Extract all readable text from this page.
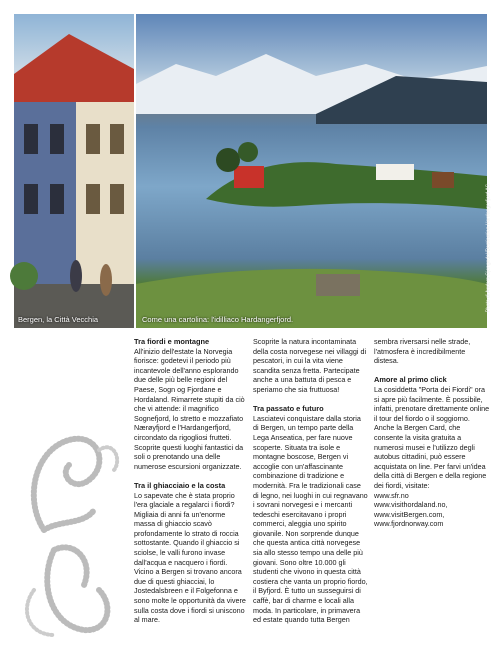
Bergen, la Città Vecchia	Come una cartolina: l'idilliaco Hardangerfjord.
Photo di Anders Gjengedal/Destination Hardangerfjord AS
Tra fiordi e montagne

All'inizio dell'estate la Norvegia fiorisce: godetevi il periodo più incantevole dell'anno esplorando due delle più belle regioni del Paese, Sogn og Fjordane e Hordaland. Rimarrete stupiti da ciò che vi attende: il magnifico Sognefjord, lo stretto e mozzafiato Nærøyfjord e l'Hardangerfjord, circondato da rigogliosi frutteti. Scoprite questi luoghi fantastici da soli o prenotando una delle numerose escursioni organizzate.

Tra il ghiacciaio e la costa

Lo sapevate che è stata proprio l'era glaciale a regalarci i fiordi? Migliaia di anni fa un'enorme massa di ghiaccio scavò profondamente lo strato di roccia sottostante. Quando il ghiaccio si sciolse, le valli furono invase dall'acqua e nacquero i fiordi. Vicino a Bergen si trovano ancora due di questi ghiacciai, lo Jostedalsbreen e il Folgefonna e sono molte le opportunità da vivere sulla costa dove i fiordi si uniscono al mare.

Scoprite la natura incontaminata della costa norvegese nei villaggi di pescatori, in cui la vita viene scandita senza fretta. Partecipate anche a una battuta di pesca e speriamo che sia fruttuosa!

Tra passato e futuro

Lasciatevi conquistare dalla storia di Bergen, un tempo parte della Lega Anseatica, per fare nuove scoperte. Situata tra isole e montagne boscose, Bergen vi accoglie con un'affascinante combinazione di tradizione e modernità. Fra le tradizionali case di legno, nei luoghi in cui regnavano i sovrani norvegesi e i mercanti tedeschi esercitavano i propri commerci, aleggia uno spirito giovanile. Non sorprende dunque che questa antica città norvegese sia allo stesso tempo una delle più giovani. Sono oltre 10.000 gli studenti che vivono in questa città costiera che vanta un proprio fiordo, il Byfjord. È tutto un susseguirsi di caffè, bar di charme e locali alla moda. In particolare, in primavera ed estate quando tutta Bergen

sembra riversarsi nelle strade, l'atmosfera è incredibilmente distesa.

Amore al primo click

La cosiddetta "Porta dei Fiordi" ora si apre più facilmente. È possibile, infatti, prenotare direttamente online il tour del fiordo o il soggiorno. Anche la Bergen Card, che consente la visita gratuita a numerosi musei e l'utilizzo degli autobus cittadini, può essere acquistata on line. Per farvi un'idea della città di Bergen e della regione dei fiordi, visitate:

www.sfr.no
www.visithordaland.no,
www.visitBergen.com,
www.fjordnorway.com
